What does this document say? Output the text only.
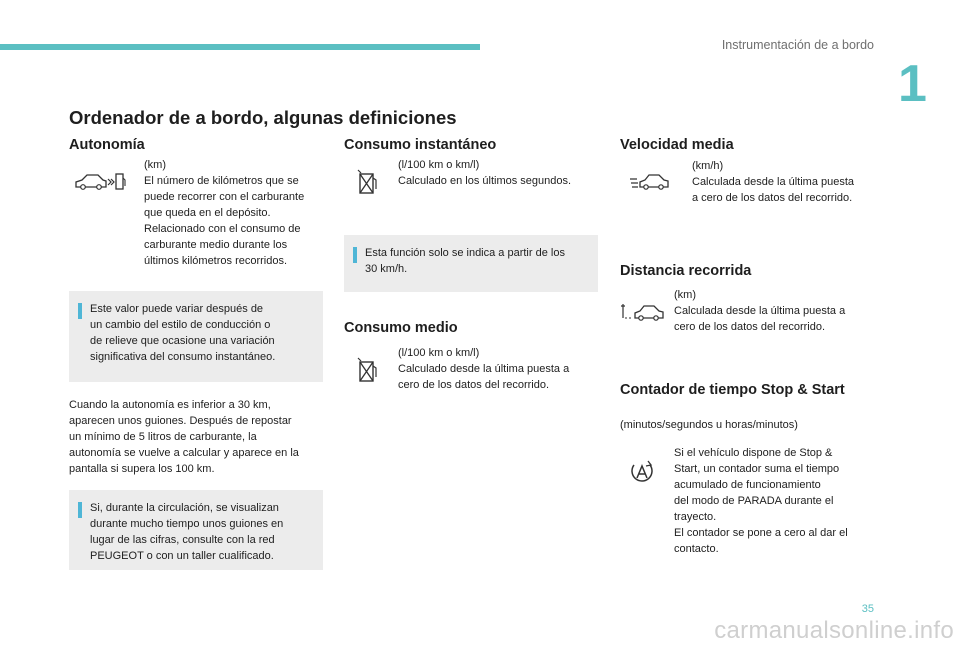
Instrumentación de a bordo
1
Ordenador de a bordo, algunas definiciones
Autonomía
(km)
El número de kilómetros que se
puede recorrer con el carburante
que queda en el depósito.
Relacionado con el consumo de
carburante medio durante los
últimos kilómetros recorridos.
Este valor puede variar después de
un cambio del estilo de conducción o
de relieve que ocasione una variación
significativa del consumo instantáneo.
Cuando la autonomía es inferior a 30 km,
aparecen unos guiones. Después de repostar
un mínimo de 5 litros de carburante, la
autonomía se vuelve a calcular y aparece en la
pantalla si supera los 100 km.
Si, durante la circulación, se visualizan
durante mucho tiempo unos guiones en
lugar de las cifras, consulte con la red
PEUGEOT o con un taller cualificado.
Consumo instantáneo
(l/100 km o km/l)
Calculado en los últimos segundos.
Esta función solo se indica a partir de los
30 km/h.
Consumo medio
(l/100 km o km/l)
Calculado desde la última puesta a
cero de los datos del recorrido.
Velocidad media
(km/h)
Calculada desde la última puesta
a cero de los datos del recorrido.
Distancia recorrida
(km)
Calculada desde la última puesta a
cero de los datos del recorrido.
Contador de tiempo Stop & Start
(minutos/segundos u horas/minutos)
Si el vehículo dispone de Stop &
Start, un contador suma el tiempo
acumulado de funcionamiento
del modo de PARADA durante el
trayecto.
El contador se pone a cero al dar el
contacto.
35
carmanualsonline.info
